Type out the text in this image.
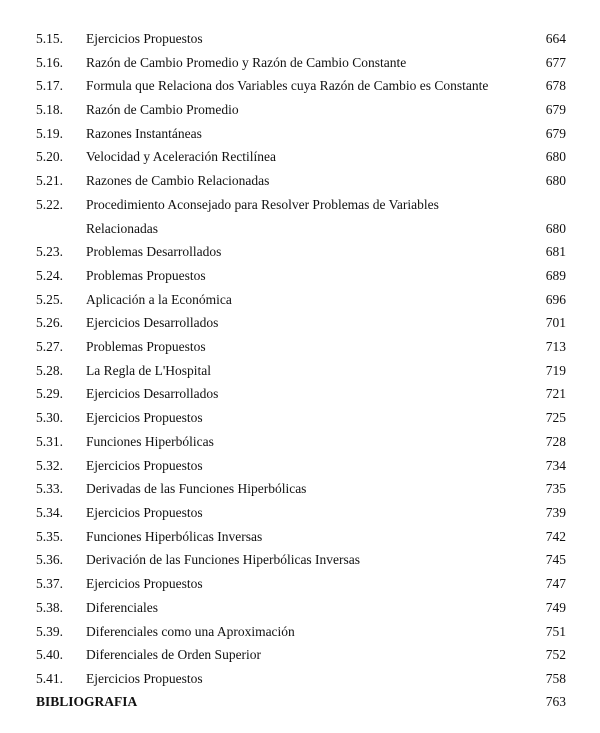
5.15. Ejercicios Propuestos	664
5.16. Razón de Cambio Promedio y Razón de Cambio Constante	677
5.17. Formula que Relaciona dos Variables cuya Razón de Cambio es Constante	678
5.18. Razón de Cambio Promedio	679
5.19. Razones Instantáneas	679
5.20. Velocidad y Aceleración Rectilínea	680
5.21. Razones de Cambio Relacionadas	680
5.22. Procedimiento Aconsejado para Resolver Problemas de Variables
Relacionadas	680
5.23. Problemas Desarrollados	681
5.24. Problemas Propuestos	689
5.25. Aplicación a la Económica	696
5.26. Ejercicios Desarrollados	701
5.27. Problemas Propuestos	713
5.28. La Regla de L'Hospital	719
5.29. Ejercicios Desarrollados	721
5.30. Ejercicios Propuestos	725
5.31. Funciones Hiperbólicas	728
5.32. Ejercicios Propuestos	734
5.33. Derivadas de las Funciones Hiperbólicas	735
5.34. Ejercicios Propuestos	739
5.35. Funciones Hiperbólicas Inversas	742
5.36. Derivación de las Funciones Hiperbólicas Inversas	745
5.37. Ejercicios Propuestos	747
5.38. Diferenciales	749
5.39. Diferenciales como una Aproximación	751
5.40. Diferenciales de Orden Superior	752
5.41. Ejercicios Propuestos	758
BIBLIOGRAFIA	763
